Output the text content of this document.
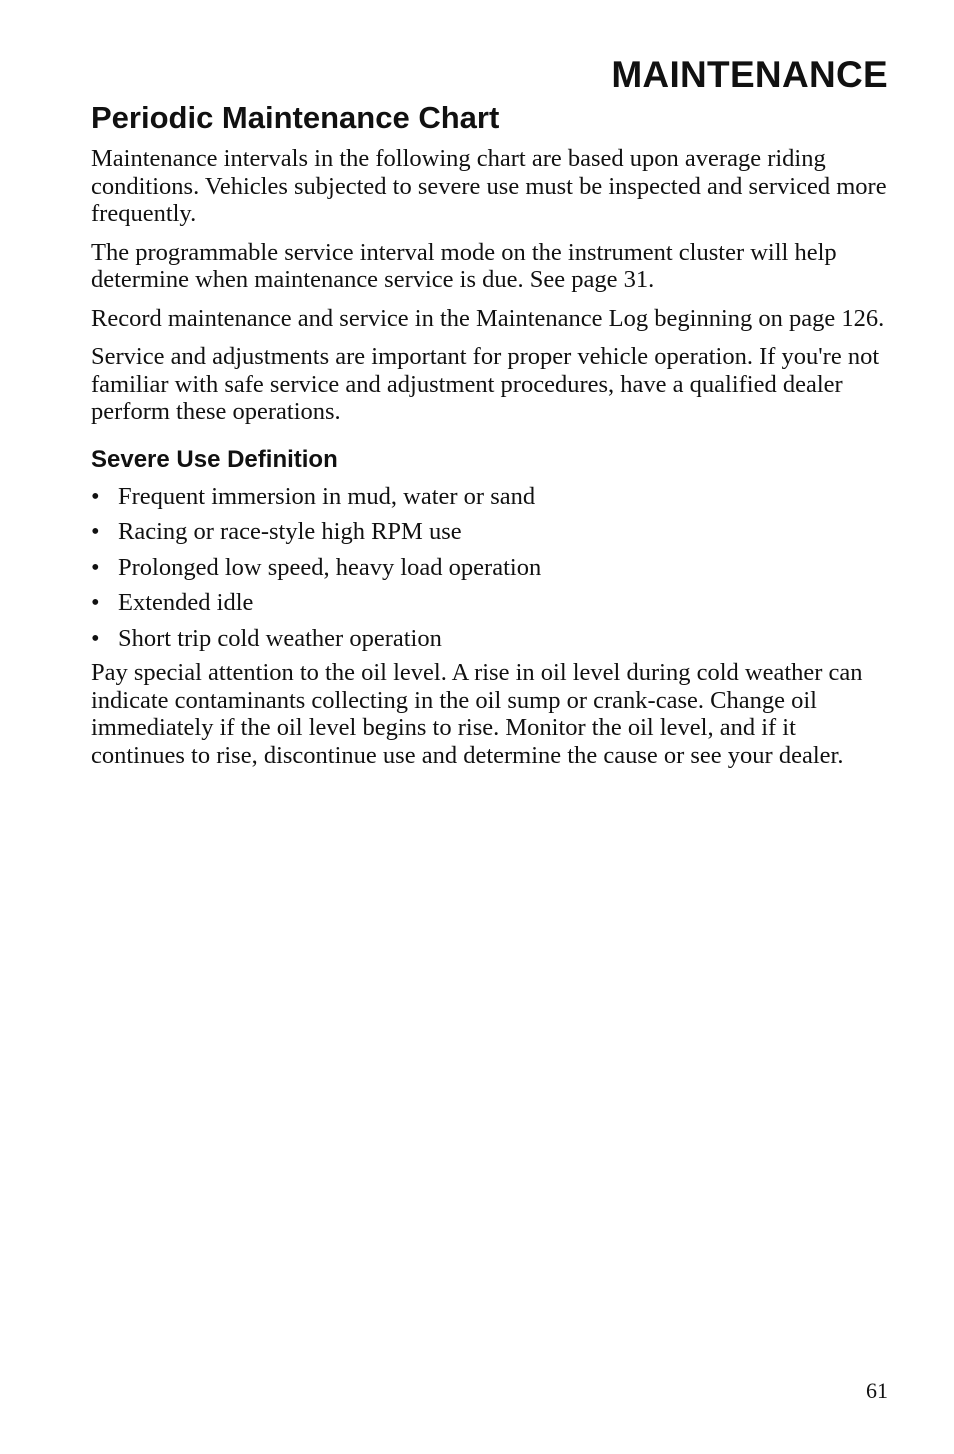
MAINTENANCE
Periodic Maintenance Chart

Maintenance intervals in the following chart are based upon average riding conditions. Vehicles subjected to severe use must be inspected and serviced more frequently.

The programmable service interval mode on the instrument cluster will help determine when maintenance service is due. See page 31.

Record maintenance and service in the Maintenance Log beginning on page 126.

Service and adjustments are important for proper vehicle operation. If you're not familiar with safe service and adjustment procedures, have a qualified dealer perform these operations.

Severe Use Definition
• Frequent immersion in mud, water or sand
• Racing or race-style high RPM use
• Prolonged low speed, heavy load operation
• Extended idle
• Short trip cold weather operation

Pay special attention to the oil level. A rise in oil level during cold weather can indicate contaminants collecting in the oil sump or crank-case. Change oil immediately if the oil level begins to rise. Monitor the oil level, and if it continues to rise, discontinue use and determine the cause or see your dealer.

61
